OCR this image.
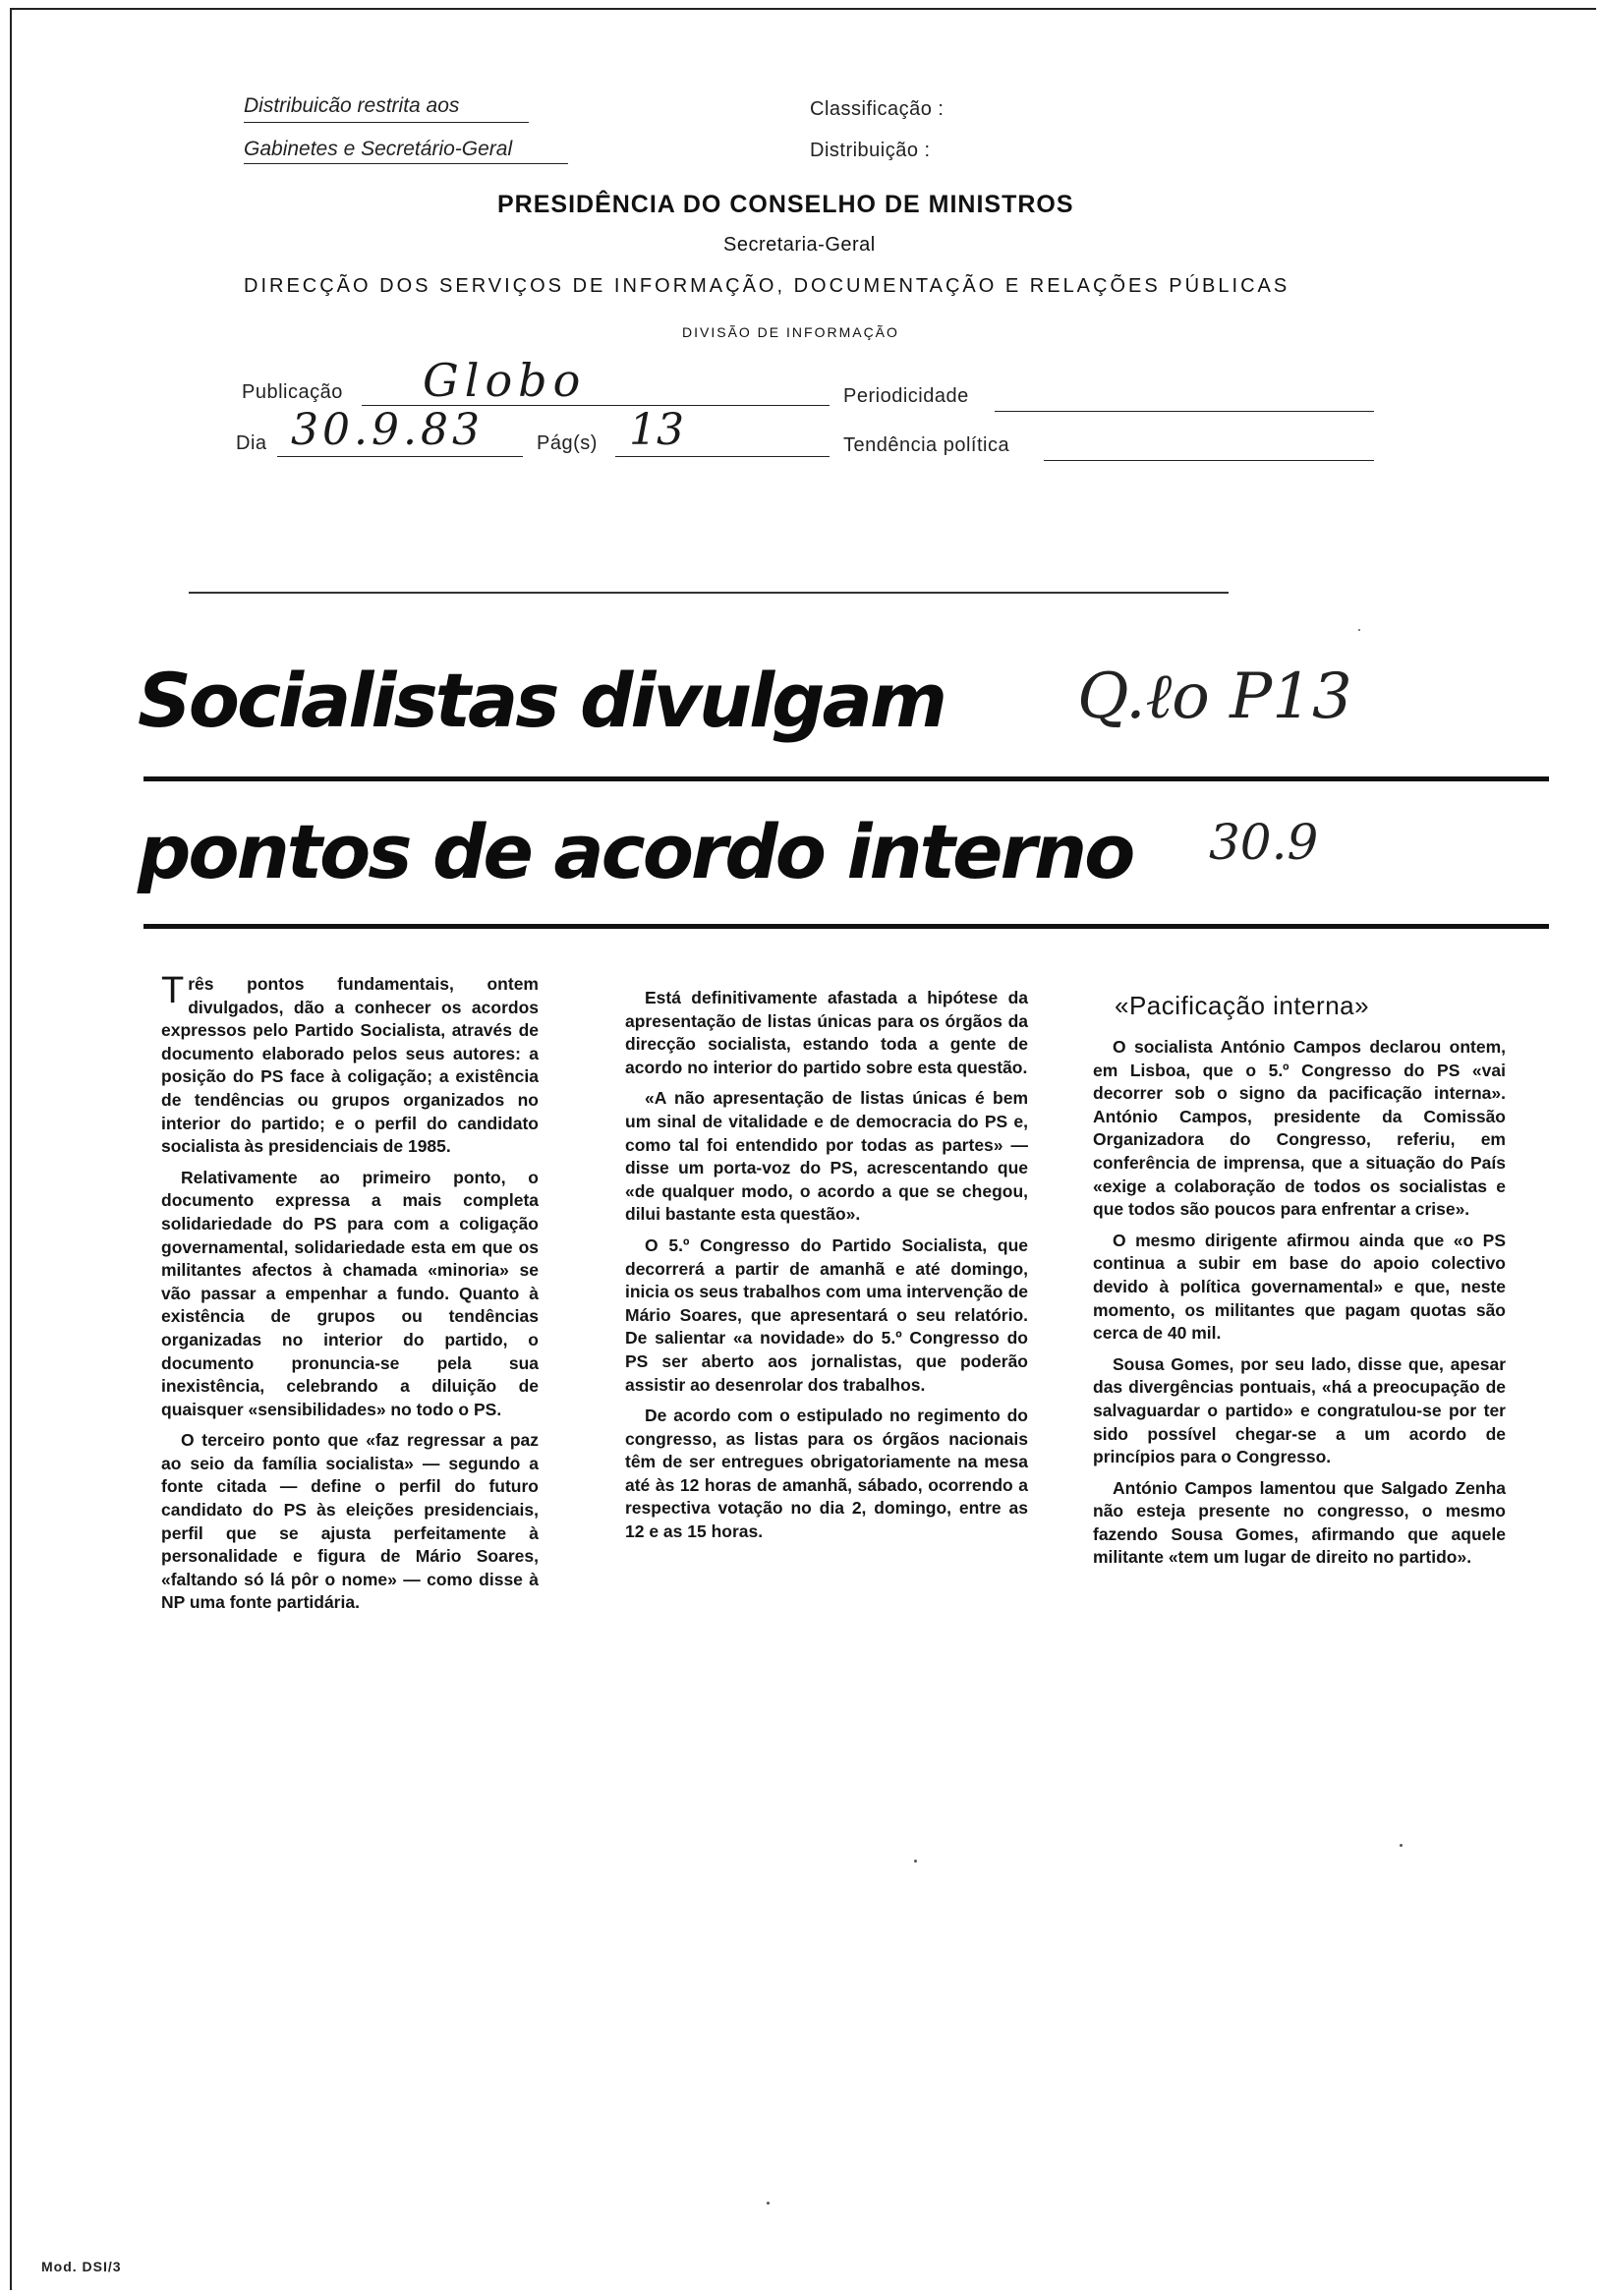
Distribuicão restrita aos
Gabinetes e Secretário-Geral
Classificação :
Distribuição :
PRESIDÊNCIA DO CONSELHO DE MINISTROS
Secretaria-Geral
DIRECÇÃO DOS SERVIÇOS DE INFORMAÇÃO, DOCUMENTAÇÃO E RELAÇÕES PÚBLICAS
DIVISÃO DE INFORMAÇÃO
Publicação Globo	Periodicidade
Dia 30.9.83	Pág(s) 13	Tendência política
Socialistas divulgam Q.ℓo P13
pontos de acordo interno 30.9

Três pontos fundamentais, ontem divulgados, dão a conhecer os acordos expressos pelo Partido Socialista, através de documento elaborado pelos seus autores: a posição do PS face à coligação; a existência de tendências ou grupos organizados no interior do partido; e o perfil do candidato socialista às presidenciais de 1985.

Relativamente ao primeiro ponto, o documento expressa a mais completa solidariedade do PS para com a coligação governamental, solidariedade esta em que os militantes afectos à chamada «minoria» se vão passar a empenhar a fundo. Quanto à existência de grupos ou tendências organizadas no interior do partido, o documento pronuncia-se pela sua inexistência, celebrando a diluição de quaisquer «sensibilidades» no todo o PS.

O terceiro ponto que «faz regressar a paz ao seio da família socialista» — segundo a fonte citada — define o perfil do futuro candidato do PS às eleições presidenciais, perfil que se ajusta perfeitamente à personalidade e figura de Mário Soares, «faltando só lá pôr o nome» — como disse à NP uma fonte partidária.

Está definitivamente afastada a hipótese da apresentação de listas únicas para os órgãos da direcção socialista, estando toda a gente de acordo no interior do partido sobre esta questão.

«A não apresentação de listas únicas é bem um sinal de vitalidade e de democracia do PS e, como tal foi entendido por todas as partes» — disse um porta-voz do PS, acrescentando que «de qualquer modo, o acordo a que se chegou, dilui bastante esta questão».

O 5.º Congresso do Partido Socialista, que decorrerá a partir de amanhã e até domingo, inicia os seus trabalhos com uma intervenção de Mário Soares, que apresentará o seu relatório. De salientar «a novidade» do 5.º Congresso do PS ser aberto aos jornalistas, que poderão assistir ao desenrolar dos trabalhos.

De acordo com o estipulado no regimento do congresso, as listas para os órgãos nacionais têm de ser entregues obrigatoriamente na mesa até às 12 horas de amanhã, sábado, ocorrendo a respectiva votação no dia 2, domingo, entre as 12 e as 15 horas.

«Pacificação interna»

O socialista António Campos declarou ontem, em Lisboa, que o 5.º Congresso do PS «vai decorrer sob o signo da pacificação interna». António Campos, presidente da Comissão Organizadora do Congresso, referiu, em conferência de imprensa, que a situação do País «exige a colaboração de todos os socialistas e que todos são poucos para enfrentar a crise».

O mesmo dirigente afirmou ainda que «o PS continua a subir em base do apoio colectivo devido à política governamental» e que, neste momento, os militantes que pagam quotas são cerca de 40 mil.

Sousa Gomes, por seu lado, disse que, apesar das divergências pontuais, «há a preocupação de salvaguardar o partido» e congratulou-se por ter sido possível chegar-se a um acordo de princípios para o Congresso.

António Campos lamentou que Salgado Zenha não esteja presente no congresso, o mesmo fazendo Sousa Gomes, afirmando que aquele militante «tem um lugar de direito no partido».

Mod. DSI/3
